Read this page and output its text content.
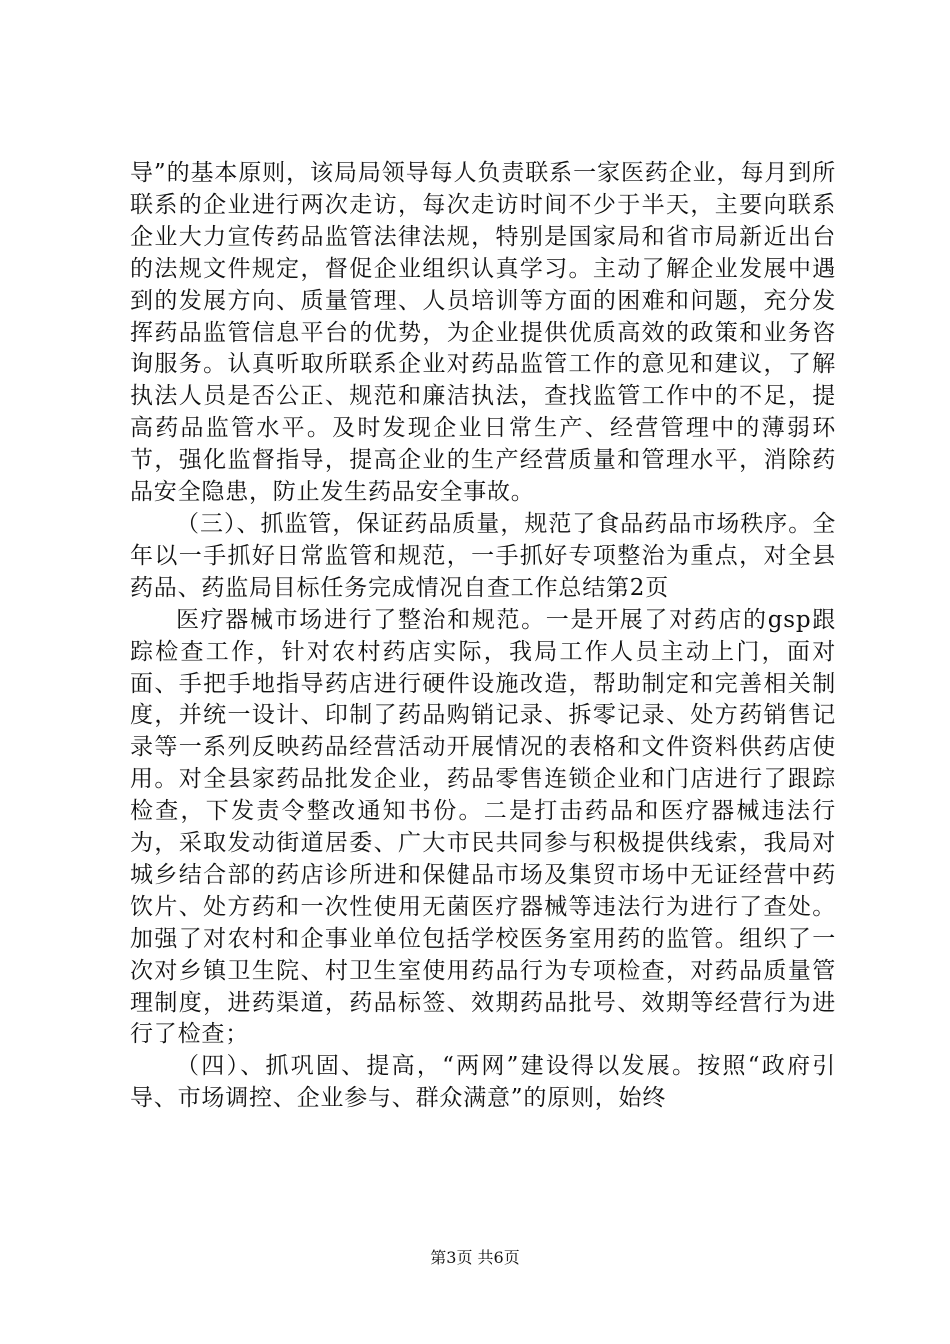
导”的基本原则，该局局领导每人负责联系一家医药企业，每月到所联系的企业进行两次走访，每次走访时间不少于半天，主要向联系企业大力宣传药品监管法律法规，特别是国家局和省市局新近出台的法规文件规定，督促企业组织认真学习。主动了解企业发展中遇到的发展方向、质量管理、人员培训等方面的困难和问题，充分发挥药品监管信息平台的优势，为企业提供优质高效的政策和业务咨询服务。认真听取所联系企业对药品监管工作的意见和建议，了解执法人员是否公正、规范和廉洁执法，查找监管工作中的不足，提高药品监管水平。及时发现企业日常生产、经营管理中的薄弱环节，强化监督指导，提高企业的生产经营质量和管理水平，消除药品安全隐患，防止发生药品安全事故。

（三）、抓监管，保证药品质量，规范了食品药品市场秩序。全年以一手抓好日常监管和规范，一手抓好专项整治为重点，对全县药品、药监局目标任务完成情况自查工作总结第2页

医疗器械市场进行了整治和规范。一是开展了对药店的gsp跟踪检查工作，针对农村药店实际，我局工作人员主动上门，面对面、手把手地指导药店进行硬件设施改造，帮助制定和完善相关制度，并统一设计、印制了药品购销记录、拆零记录、处方药销售记录等一系列反映药品经营活动开展情况的表格和文件资料供药店使用。对全县家药品批发企业，药品零售连锁企业和门店进行了跟踪检查，下发责令整改通知书份。二是打击药品和医疗器械违法行为，采取发动街道居委、广大市民共同参与积极提供线索，我局对城乡结合部的药店诊所进和保健品市场及集贸市场中无证经营中药饮片、处方药和一次性使用无菌医疗器械等违法行为进行了查处。加强了对农村和企事业单位包括学校医务室用药的监管。组织了一次对乡镇卫生院、村卫生室使用药品行为专项检查，对药品质量管理制度，进药渠道，药品标签、效期药品批号、效期等经营行为进行了检查；

（四）、抓巩固、提高，“两网”建设得以发展。按照“政府引导、市场调控、企业参与、群众满意”的原则，始终

第3页 共6页
